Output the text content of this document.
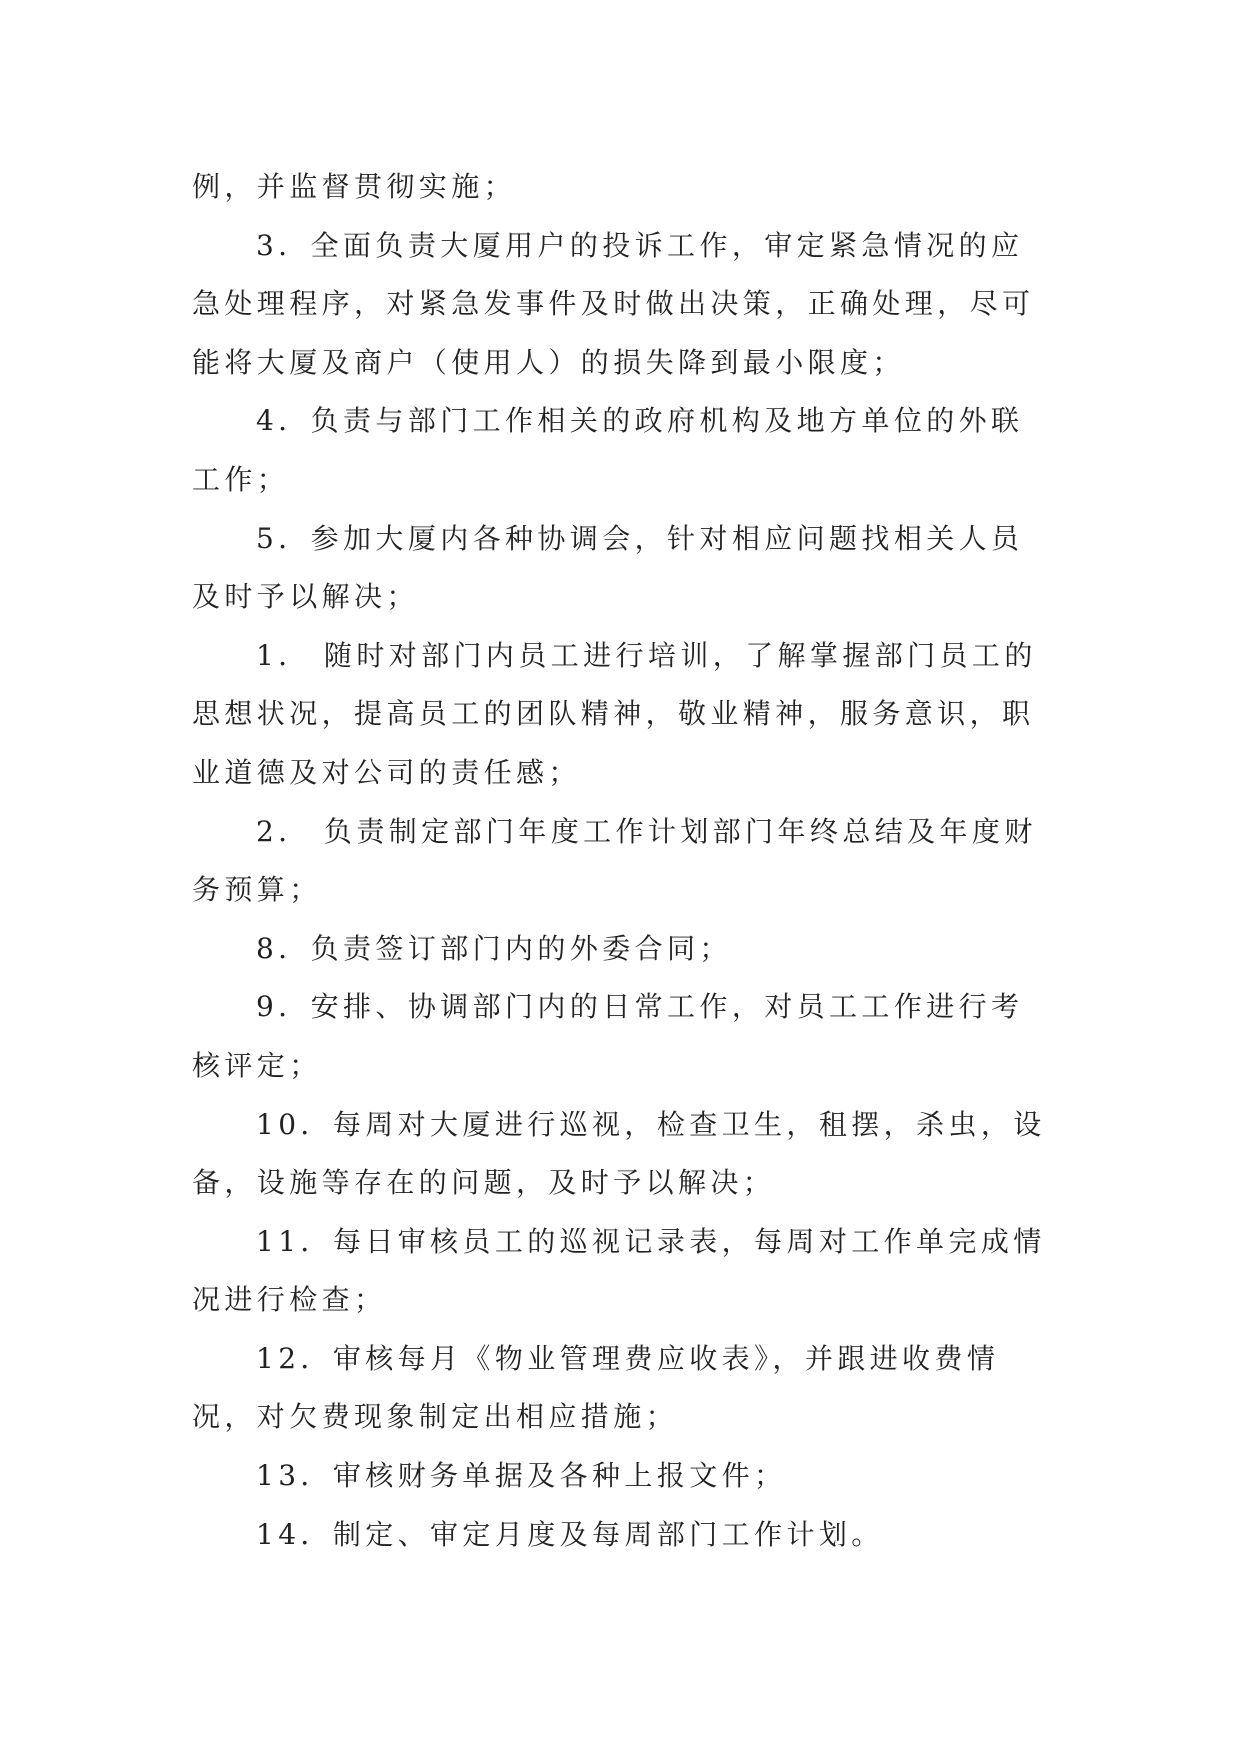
例，并监督贯彻实施；

3．全面负责大厦用户的投诉工作，审定紧急情况的应急处理程序，对紧急发事件及时做出决策，正确处理，尽可能将大厦及商户（使用人）的损失降到最小限度；

4．负责与部门工作相关的政府机构及地方单位的外联工作；

5．参加大厦内各种协调会，针对相应问题找相关人员及时予以解决；

1． 随时对部门内员工进行培训，了解掌握部门员工的思想状况，提高员工的团队精神，敬业精神，服务意识，职业道德及对公司的责任感；

2． 负责制定部门年度工作计划部门年终总结及年度财务预算；

8．负责签订部门内的外委合同；

9．安排、协调部门内的日常工作，对员工工作进行考核评定；

10．每周对大厦进行巡视，检查卫生，租摆，杀虫，设备，设施等存在的问题，及时予以解决；

11．每日审核员工的巡视记录表，每周对工作单完成情况进行检查；

12．审核每月《物业管理费应收表》，并跟进收费情况，对欠费现象制定出相应措施；

13．审核财务单据及各种上报文件；

14．制定、审定月度及每周部门工作计划。
